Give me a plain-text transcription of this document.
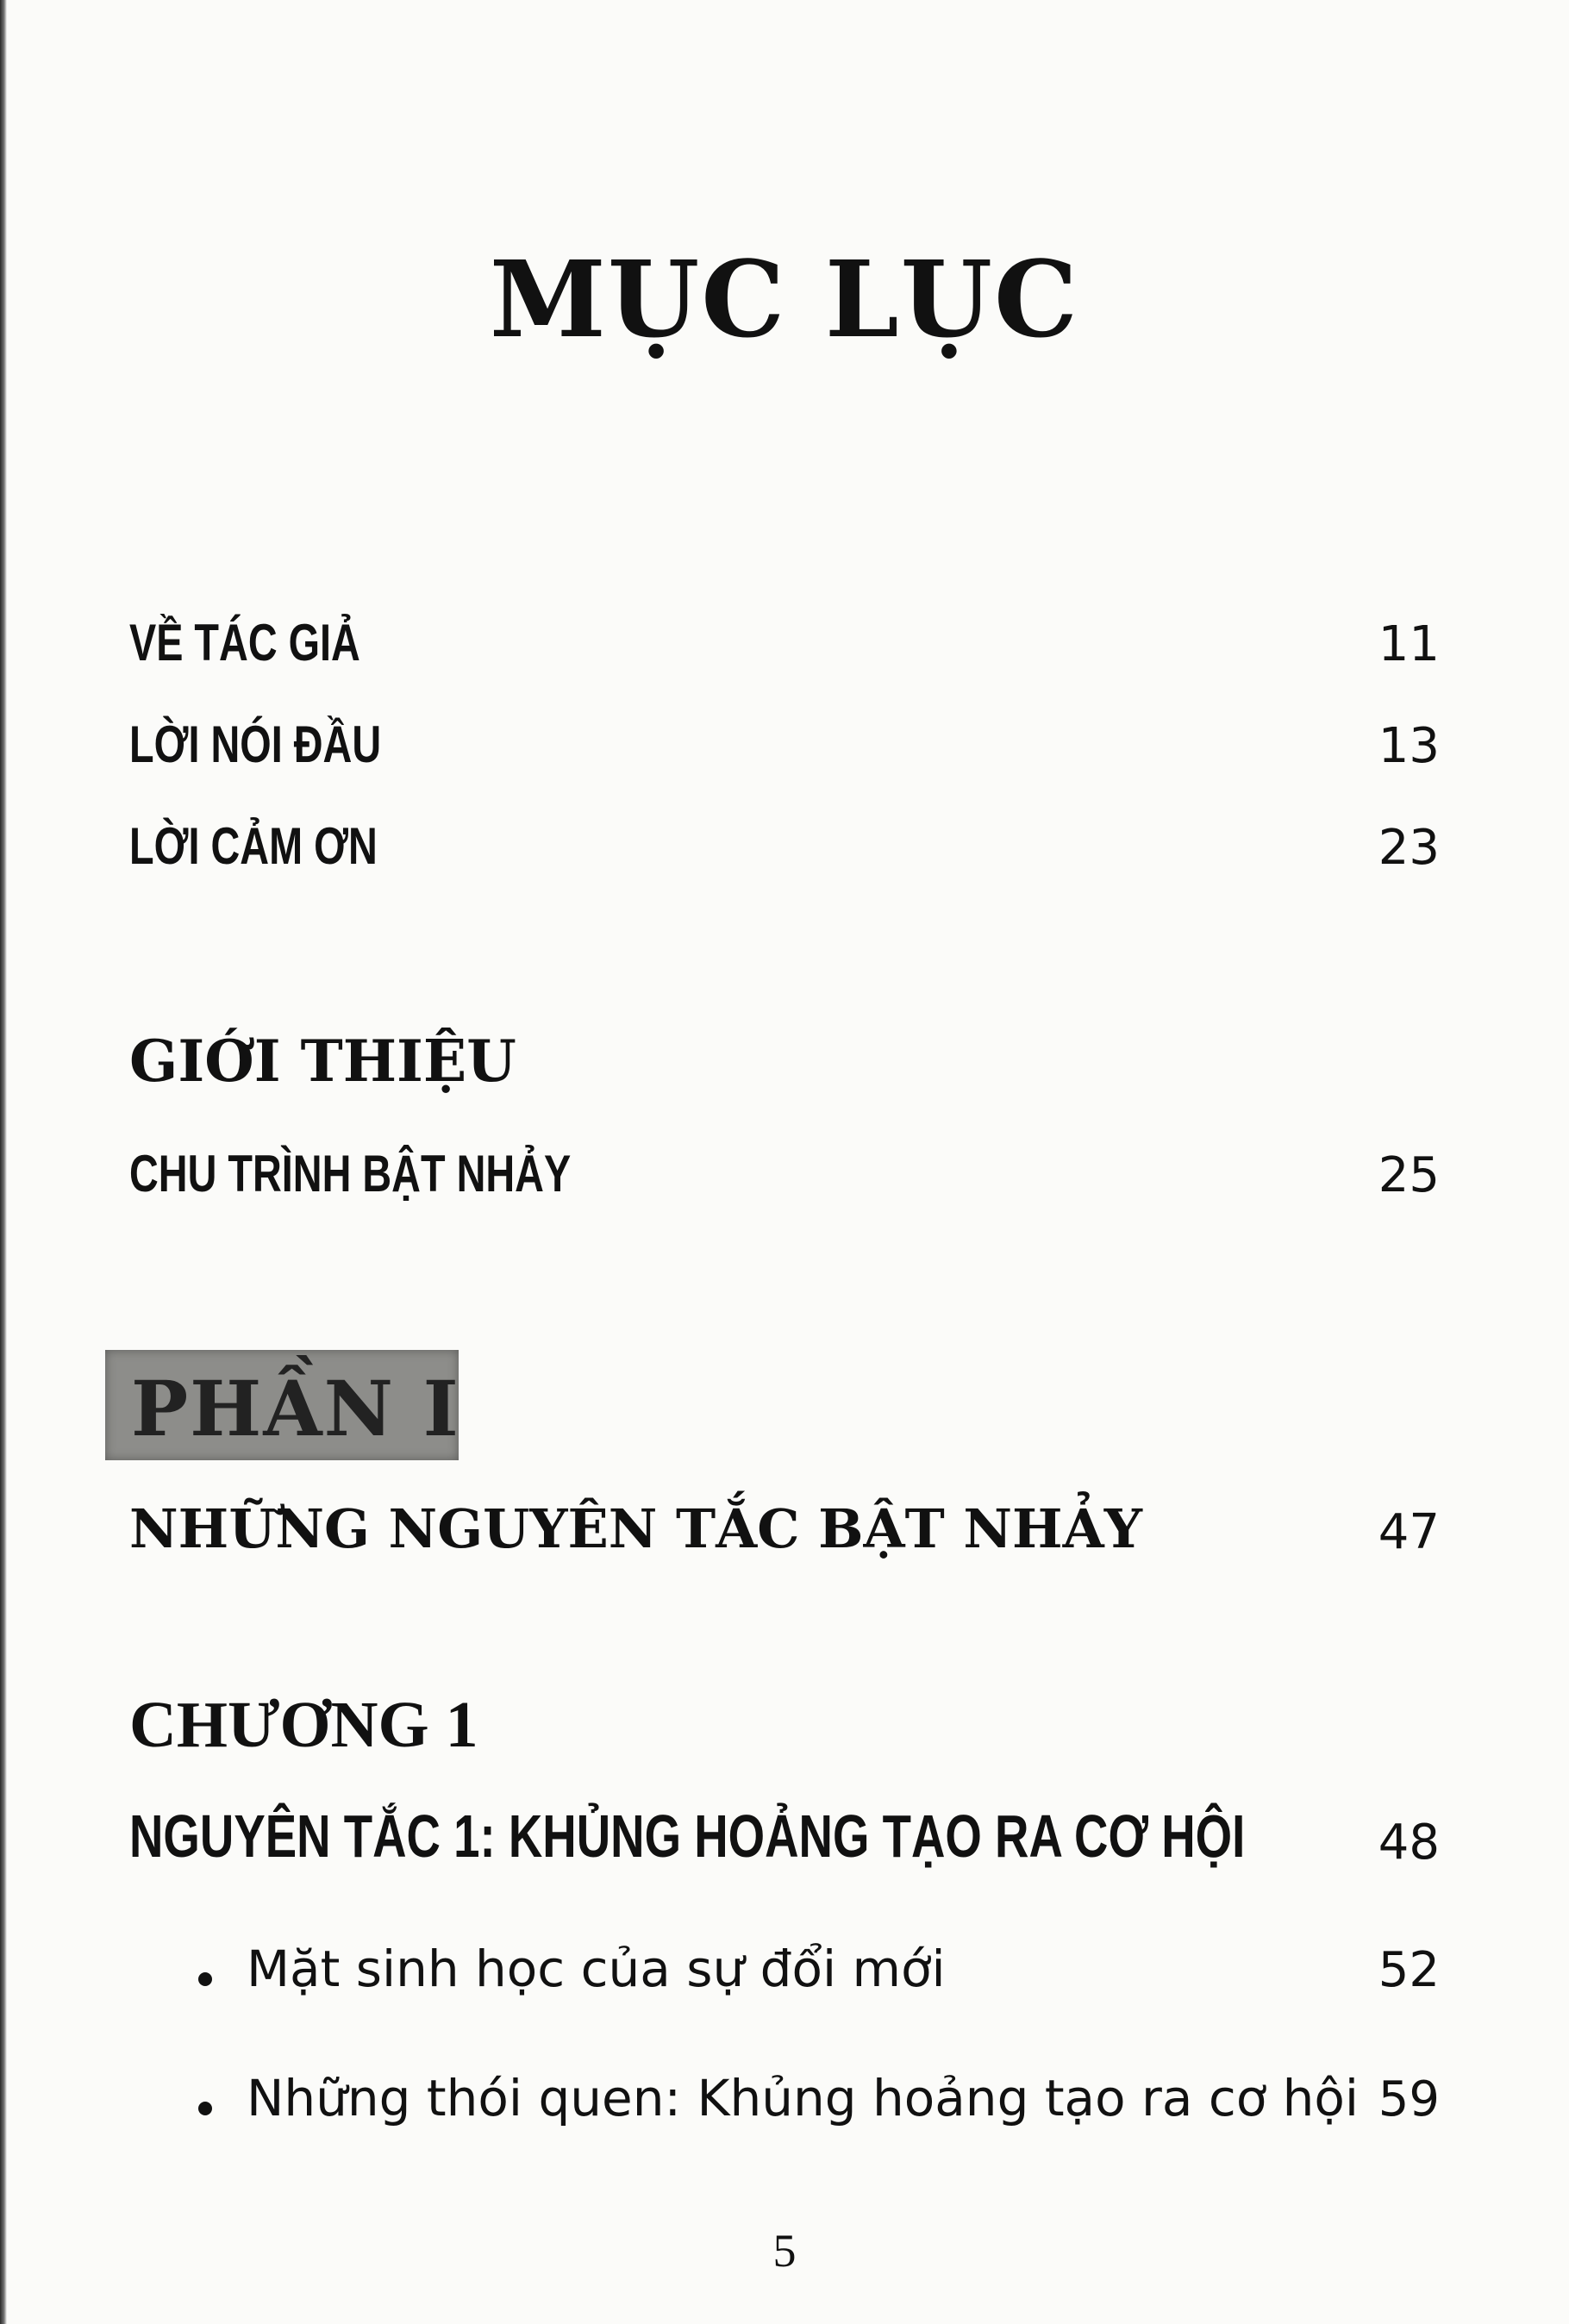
MỤC LỤC
VỀ TÁC GIẢ	11
LỜI NÓI ĐẦU	13
LỜI CẢM ƠN	23
GIỚI THIỆU
CHU TRÌNH BẬT NHẢY	25
PHẦN I
NHỮNG NGUYÊN TẮC BẬT NHẢY	47
CHƯƠNG 1
NGUYÊN TẮC 1: KHỦNG HOẢNG TẠO RA CƠ HỘI	48
Mặt sinh học của sự đổi mới	52
Những thói quen: Khủng hoảng tạo ra cơ hội 59
5
